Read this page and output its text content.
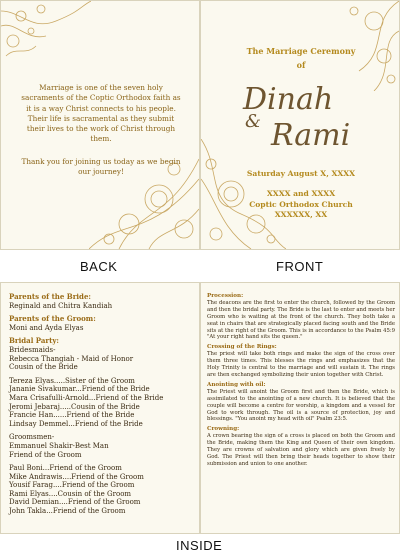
Marriage is one of the seven holy sacraments of the Coptic Orthodox faith as it is a way Christ connects to his people. Their life is sacramental as they submit their lives to the work of Christ through them.
Thank you for joining us today as we begin our journey!
The Marriage Ceremony
of
Dinah
& Rami
Saturday August X, XXXX
XXXX and XXXX
Coptic Orthodox Church
XXXXXX, XX
BACK	FRONT
Parents of the Bride:
Reginald and Chitra Kandiah
Parents of the Groom:
Moni and Ayda Elyas
Bridal Party:
Bridesmaids-
Rebecca Thangiah - Maid of Honor
Cousin of the Bride
Tereza Elyas.....Sister of the Groom
Jananie Sivakumar...Friend of the Bride
Mara Crisafulli-Arnold...Friend of the Bride
Jeromi Jebaraj.....Cousin of the Bride
Francie Han......Friend of the Bride
Lindsay Demmel...Friend of the Bride
Groomsmen-
Emmanuel Shakir-Best Man
Friend of the Groom
Paul Boni...Friend of the Groom
Mike Andrawis....Friend of the Groom
Yousif Farag....Friend of the Groom
Rami Elyas....Cousin of the Groom
David Demian....Friend of the Groom
John Takla...Friend of the Groom
Procession:
The deacons are the first to enter the church, followed by the Groom and then the bridal party. The Bride is the last to enter and meets her Groom who is waiting at the front of the church. They both take a seat in chairs that are strategically placed facing south and the Bride sits at the right of the Groom. This is in accordance to the Psalm 45:9 "At your right hand sits the queen."
Crossing of the Rings:
The priest will take both rings and make the sign of the cross over them three times. This blesses the rings and emphasizes that the Holy Trinity is central to the marriage and will sustain it. The rings are then exchanged symbolizing their union together with Christ.
Anointing with oil:
The Priest will anoint the Groom first and then the Bride, which is assimilated to the anointing of a new church. It is believed that the couple will become a centre for worship, a kingdom and a vessel for God to work through. The oil is a source of protection, joy and blessings. "You anoint my head with oil" Psalm 23:5.
Crowning:
A crown bearing the sign of a cross is placed on both the Groom and the Bride, making them the King and Queen of their own kingdom. They are crowns of salvation and glory which are given freely by God. The Priest will then bring their heads together to show their submission and union to one another.
INSIDE
